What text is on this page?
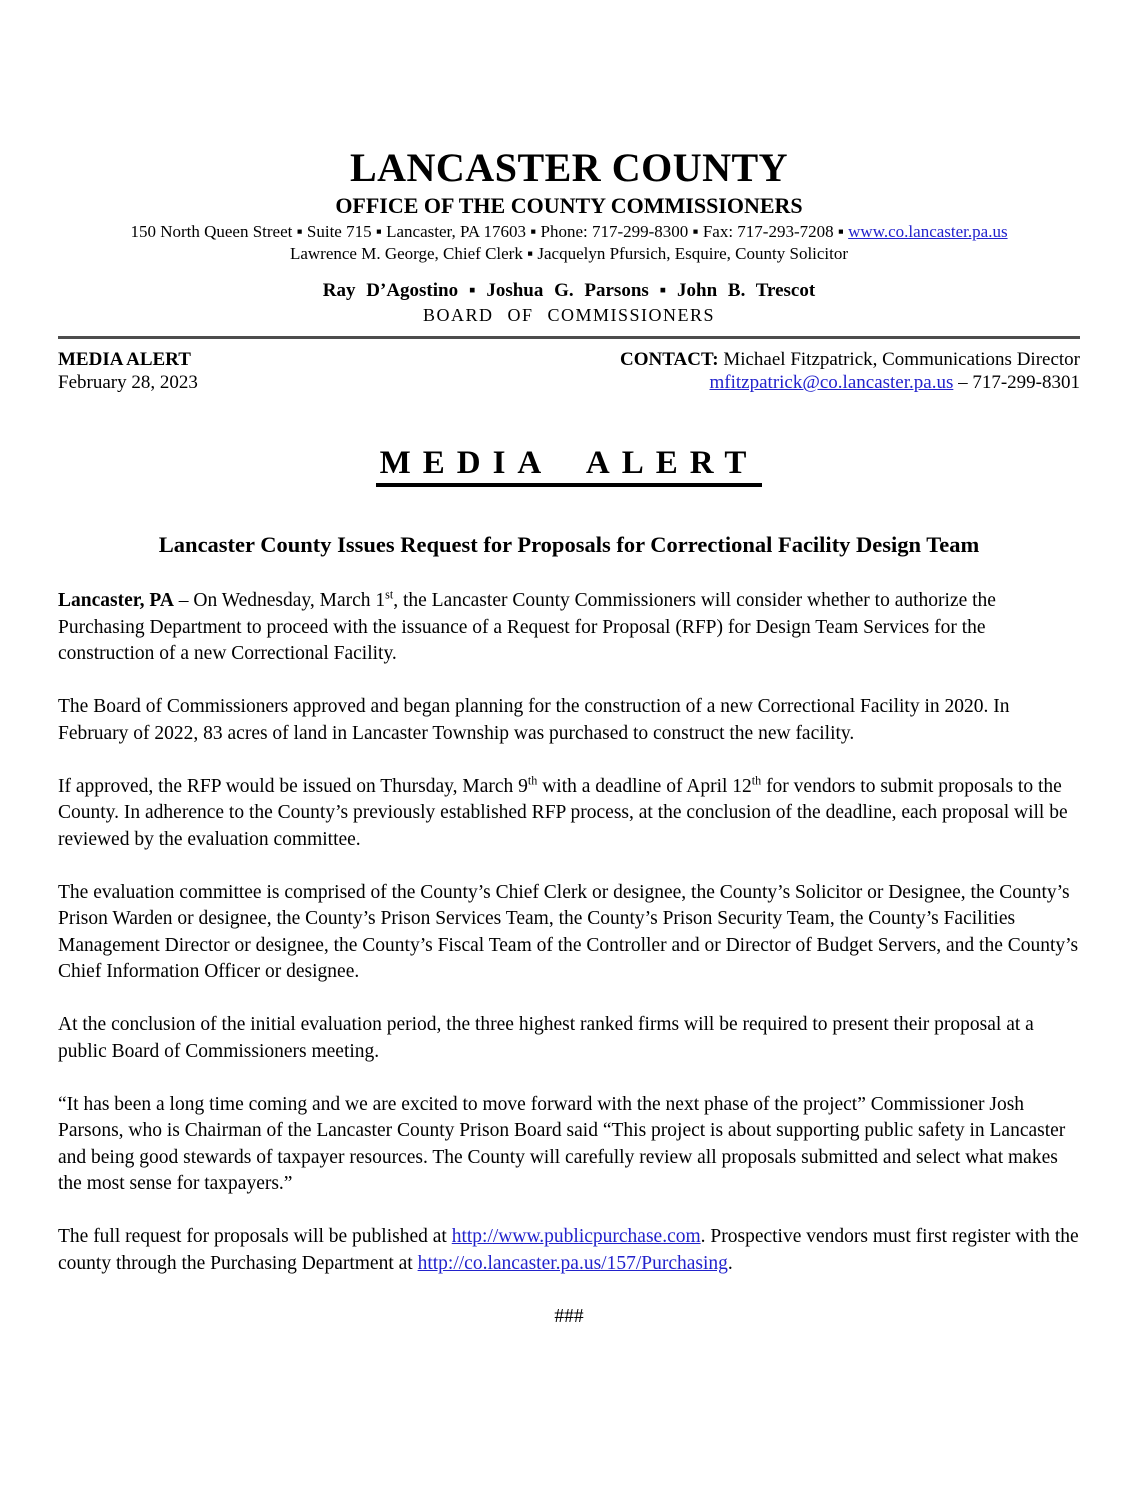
LANCASTER COUNTY
OFFICE OF THE COUNTY COMMISSIONERS
150 North Queen Street ▪ Suite 715 ▪ Lancaster, PA 17603 ▪ Phone: 717-299-8300 ▪ Fax: 717-293-7208 ▪ www.co.lancaster.pa.us
Lawrence M. George, Chief Clerk ▪ Jacquelyn Pfursich, Esquire, County Solicitor
Ray D’Agostino ▪ Joshua G. Parsons ▪ John B. Trescot
BOARD OF COMMISSIONERS
MEDIA ALERT
February 28, 2023
CONTACT: Michael Fitzpatrick, Communications Director
mfitzpatrick@co.lancaster.pa.us – 717-299-8301
MEDIA ALERT
Lancaster County Issues Request for Proposals for Correctional Facility Design Team

Lancaster, PA – On Wednesday, March 1st, the Lancaster County Commissioners will consider whether to authorize the Purchasing Department to proceed with the issuance of a Request for Proposal (RFP) for Design Team Services for the construction of a new Correctional Facility.

The Board of Commissioners approved and began planning for the construction of a new Correctional Facility in 2020. In February of 2022, 83 acres of land in Lancaster Township was purchased to construct the new facility.

If approved, the RFP would be issued on Thursday, March 9th with a deadline of April 12th for vendors to submit proposals to the County. In adherence to the County’s previously established RFP process, at the conclusion of the deadline, each proposal will be reviewed by the evaluation committee.

The evaluation committee is comprised of the County’s Chief Clerk or designee, the County’s Solicitor or Designee, the County’s Prison Warden or designee, the County’s Prison Services Team, the County’s Prison Security Team, the County’s Facilities Management Director or designee, the County’s Fiscal Team of the Controller and or Director of Budget Servers, and the County’s Chief Information Officer or designee.

At the conclusion of the initial evaluation period, the three highest ranked firms will be required to present their proposal at a public Board of Commissioners meeting.

“It has been a long time coming and we are excited to move forward with the next phase of the project” Commissioner Josh Parsons, who is Chairman of the Lancaster County Prison Board said “This project is about supporting public safety in Lancaster and being good stewards of taxpayer resources. The County will carefully review all proposals submitted and select what makes the most sense for taxpayers.”

The full request for proposals will be published at http://www.publicpurchase.com. Prospective vendors must first register with the county through the Purchasing Department at http://co.lancaster.pa.us/157/Purchasing.

###
